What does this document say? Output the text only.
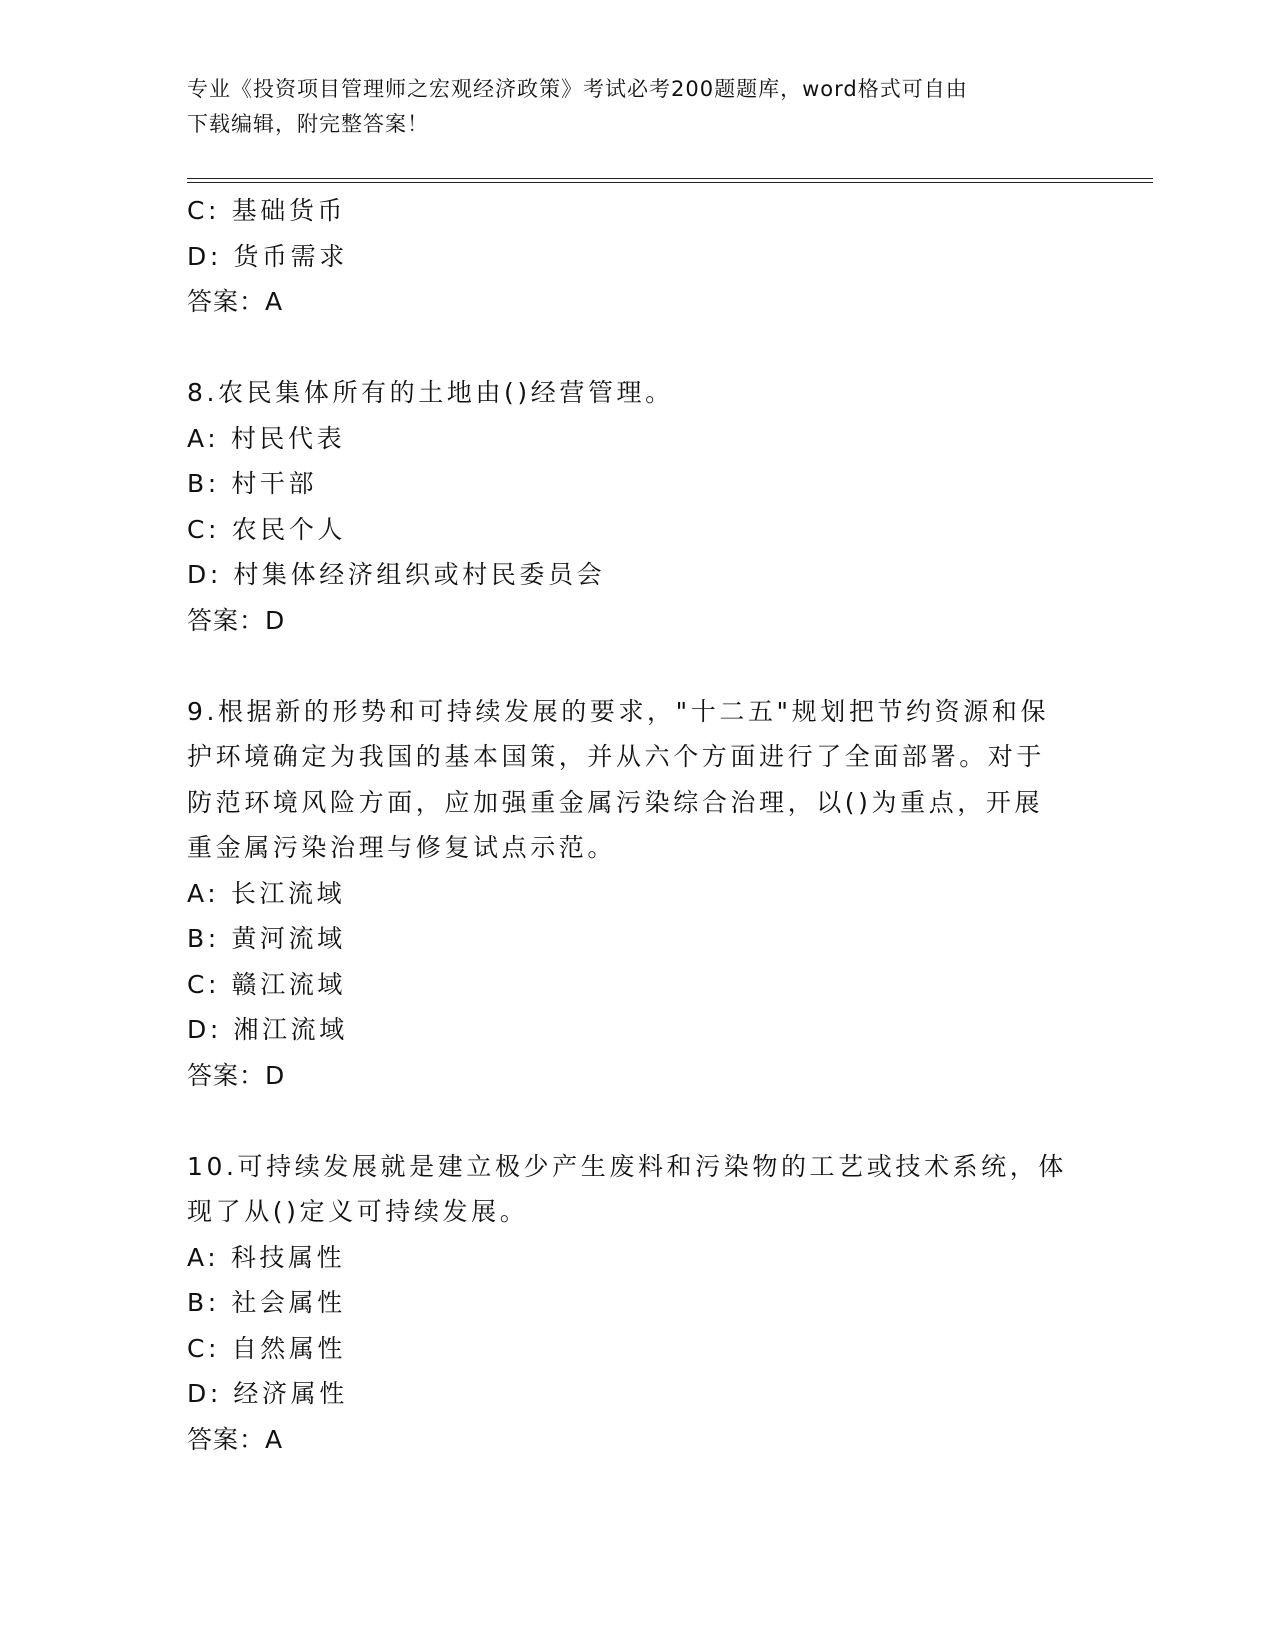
专业《投资项目管理师之宏观经济政策》考试必考200题题库，word格式可自由
下载编辑，附完整答案！
C: 基础货币
D: 货币需求
答案：A
8.农民集体所有的土地由()经营管理。
A: 村民代表
B: 村干部
C: 农民个人
D: 村集体经济组织或村民委员会
答案：D
9.根据新的形势和可持续发展的要求，"十二五"规划把节约资源和保
护环境确定为我国的基本国策，并从六个方面进行了全面部署。对于
防范环境风险方面，应加强重金属污染综合治理，以()为重点，开展
重金属污染治理与修复试点示范。
A: 长江流域
B: 黄河流域
C: 赣江流域
D: 湘江流域
答案：D
10.可持续发展就是建立极少产生废料和污染物的工艺或技术系统，体
现了从()定义可持续发展。
A: 科技属性
B: 社会属性
C: 自然属性
D: 经济属性
答案：A
